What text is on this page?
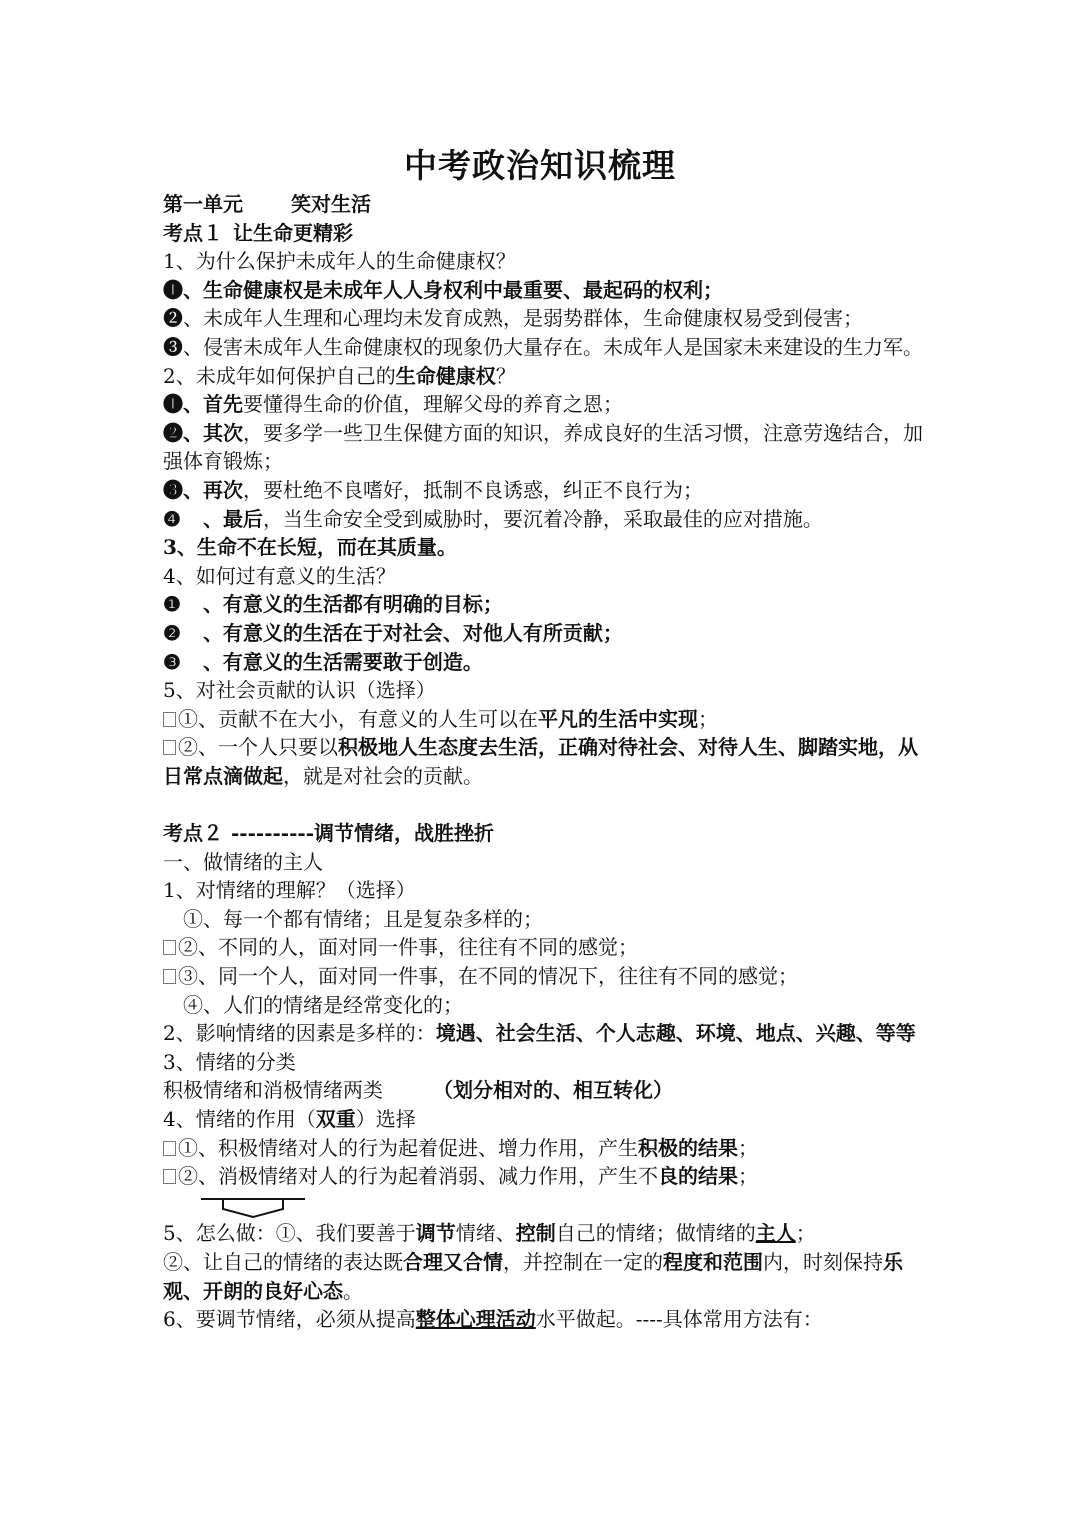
中考政治知识梳理
第一单元 笑对生活
考点１ 让生命更精彩
1、为什么保护未成年人的生命健康权？
❶、生命健康权是未成年人人身权利中最重要、最起码的权利；
❷、未成年人生理和心理均未发育成熟，是弱势群体，生命健康权易受到侵害；
❸、侵害未成年人生命健康权的现象仍大量存在。未成年人是国家未来建设的生力军。
2、未成年如何保护自己的生命健康权？
❶、首先要懂得生命的价值，理解父母的养育之恩；
❷、其次，要多学一些卫生保健方面的知识，养成良好的生活习惯，注意劳逸结合，加强体育锻炼；
❸、再次，要杜绝不良嗜好，抵制不良诱惑，纠正不良行为；
❹ 、最后，当生命安全受到威胁时，要沉着冷静，采取最佳的应对措施。
3、生命不在长短，而在其质量。
4、如何过有意义的生活？
❶ 、有意义的生活都有明确的目标；
❷ 、有意义的生活在于对社会、对他人有所贡献；
❸ 、有意义的生活需要敢于创造。
5、对社会贡献的认识（选择）
①、贡献不在大小，有意义的人生可以在平凡的生活中实现；
②、一个人只要以积极地人生态度去生活，正确对待社会、对待人生、脚踏实地，从日常点滴做起，就是对社会的贡献。
考点２ ----------调节情绪，战胜挫折
一、做情绪的主人
1、对情绪的理解？（选择）
①、每一个都有情绪；且是复杂多样的；
②、不同的人，面对同一件事，往往有不同的感觉；
③、同一个人，面对同一件事，在不同的情况下，往往有不同的感觉；
④、人们的情绪是经常变化的；
2、影响情绪的因素是多样的：境遇、社会生活、个人志趣、环境、地点、兴趣、等等
3、情绪的分类
积极情绪和消极情绪两类	（划分相对的、相互转化）
4、情绪的作用（双重）选择
①、积极情绪对人的行为起着促进、增力作用，产生积极的结果；
②、消极情绪对人的行为起着消弱、减力作用，产生不良的结果；
5、怎么做：①、我们要善于调节情绪、控制自己的情绪；做情绪的主人；
②、让自己的情绪的表达既合理又合情，并控制在一定的程度和范围内，时刻保持乐观、开朗的良好心态。
6、要调节情绪，必须从提高整体心理活动水平做起。----具体常用方法有：
